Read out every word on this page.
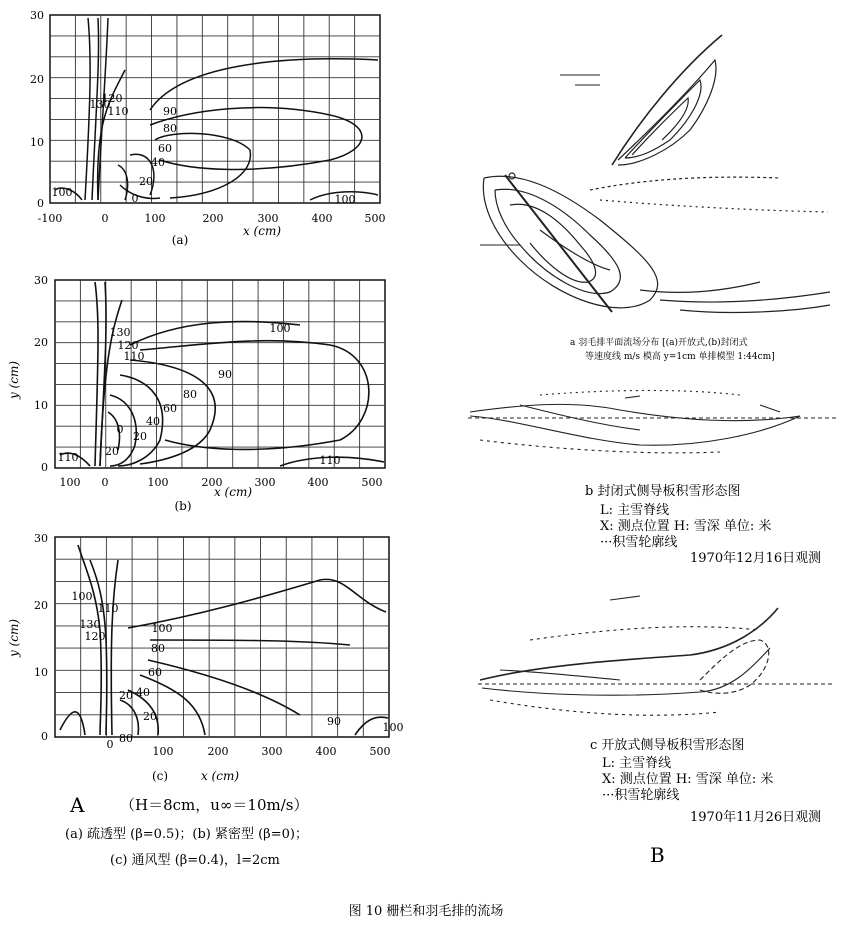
130
120
110	90
80
60
40
20
0
100
100
30
20
10
0
-100	0	100	200	300	400	500
x (cm)
(a)
130
120
110
100
90
80
60
40
20
0
20
110	110
30
20
10
0
y (cm)
100 0	100	200	300	400	500
x (cm)
(b)
100
130
120
110
100
80
60
40
20
20
0 80
90	100
30
20
10
0
y (cm)
100	200	300	400	500
(c)	x (cm)
a 羽毛排平面流场分布 [(a)开放式,(b)封闭式
等速度线 m/s 模高 y=1cm 单排模型 1:44cm]
b 封闭式侧导板积雪形态图
L: 主雪脊线
X: 测点位置 H: 雪深 单位: 米
···积雪轮廓线
1970年12月16日观测
c 开放式侧导板积雪形态图
L: 主雪脊线
X: 测点位置 H: 雪深 单位: 米
···积雪轮廓线
1970年11月26日观测
A （H＝8cm，u∞＝10m/s）
(a) 疏透型 (β=0.5)；(b) 紧密型 (β=0)；
(c) 通风型 (β=0.4)，l=2cm	B
图 10 栅栏和羽毛排的流场
